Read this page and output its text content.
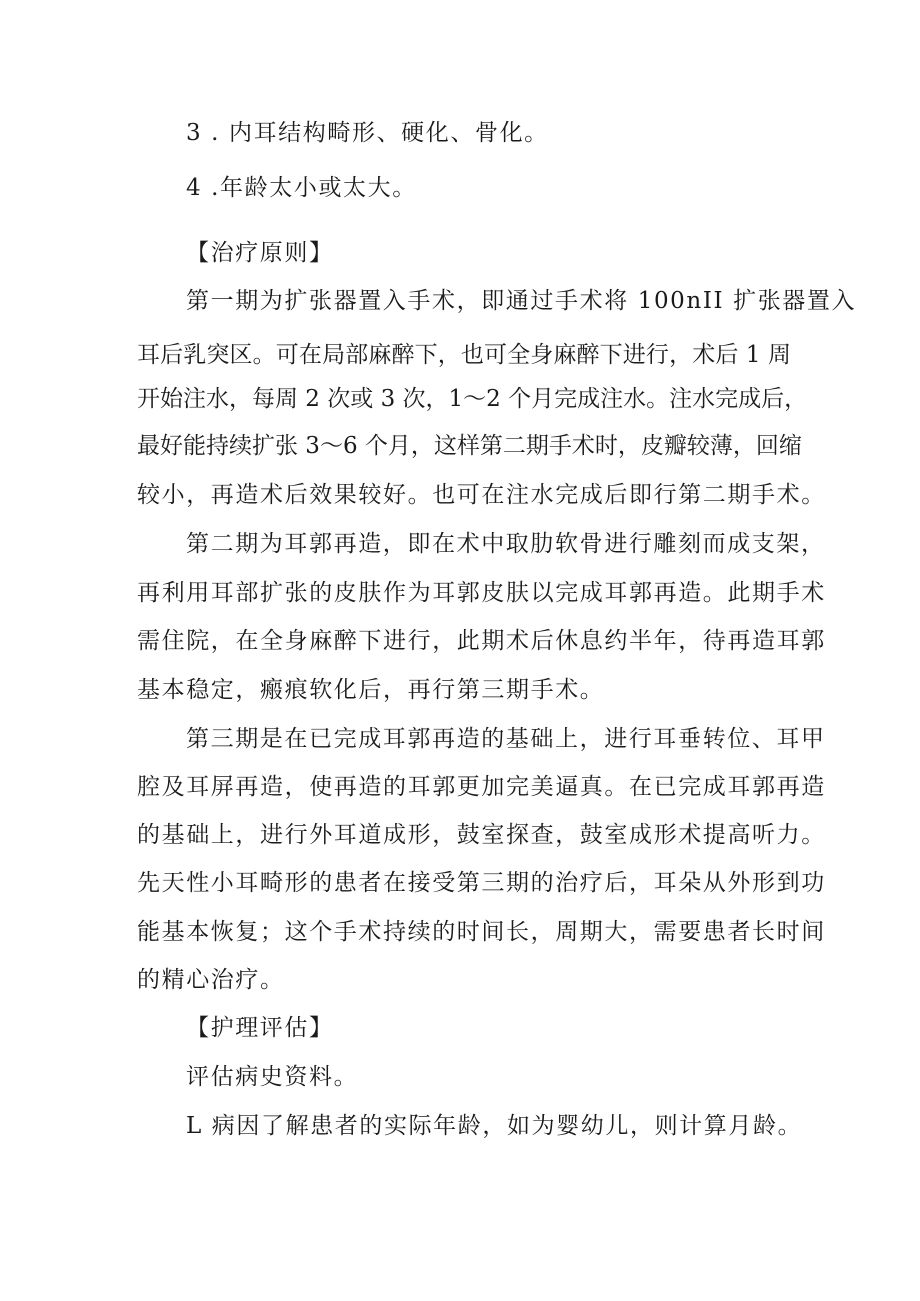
3 . 内耳结构畸形、硬化、骨化。
4 .年龄太小或太大。
【治疗原则】
第一期为扩张器置入手术，即通过手术将 100nII 扩张器置入
耳后乳突区。可在局部麻醉下，也可全身麻醉下进行，术后 1 周
开始注水，每周 2 次或 3 次，1～2 个月完成注水。注水完成后，
最好能持续扩张 3～6 个月，这样第二期手术时，皮瓣较薄，回缩
较小，再造术后效果较好。也可在注水完成后即行第二期手术。
第二期为耳郭再造，即在术中取肋软骨进行雕刻而成支架，
再利用耳部扩张的皮肤作为耳郭皮肤以完成耳郭再造。此期手术
需住院，在全身麻醉下进行，此期术后休息约半年，待再造耳郭
基本稳定，瘢痕软化后，再行第三期手术。
第三期是在已完成耳郭再造的基础上，进行耳垂转位、耳甲
腔及耳屏再造，使再造的耳郭更加完美逼真。在已完成耳郭再造
的基础上，进行外耳道成形，鼓室探查，鼓室成形术提高听力。
先天性小耳畸形的患者在接受第三期的治疗后，耳朵从外形到功
能基本恢复；这个手术持续的时间长，周期大，需要患者长时间
的精心治疗。
【护理评估】
评估病史资料。
L 病因了解患者的实际年龄，如为婴幼儿，则计算月龄。
